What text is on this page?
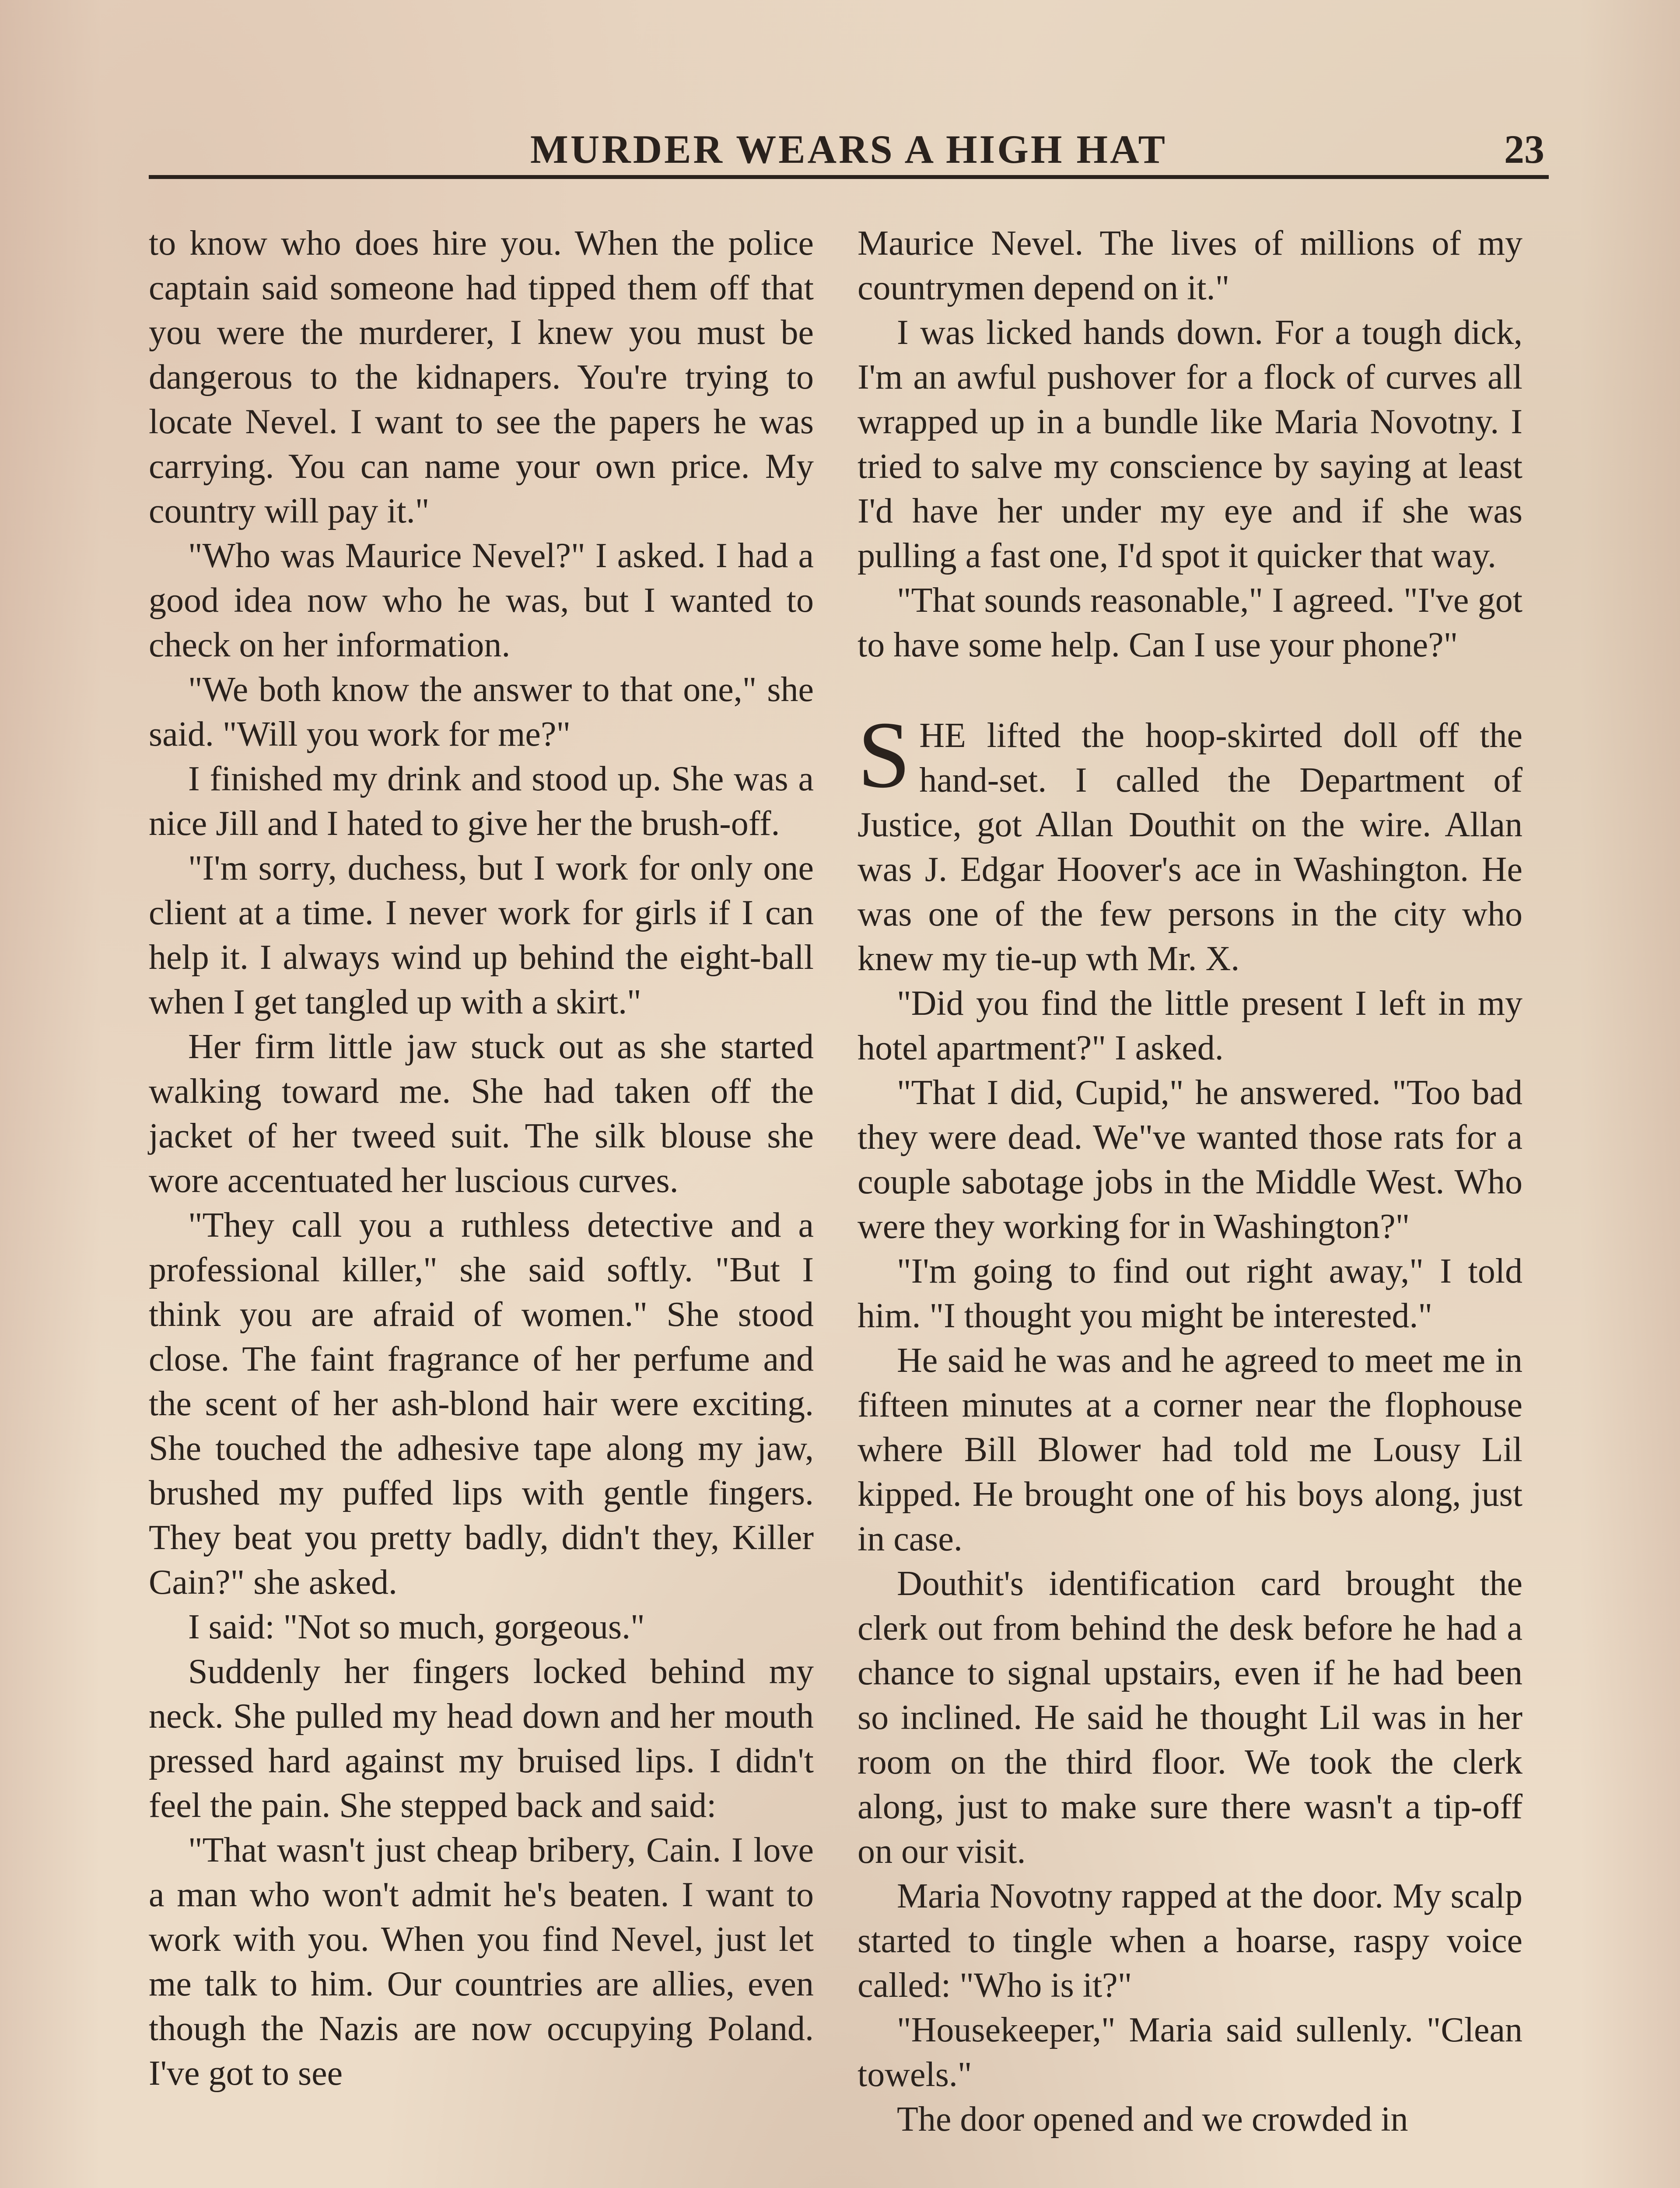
MURDER WEARS A HIGH HAT	23

to know who does hire you. When the police captain said someone had tipped them off that you were the murderer, I knew you must be dangerous to the kidnapers. You're trying to locate Nevel. I want to see the papers he was carrying. You can name your own price. My country will pay it."

"Who was Maurice Nevel?" I asked. I had a good idea now who he was, but I wanted to check on her information.

"We both know the answer to that one," she said. "Will you work for me?"

I finished my drink and stood up. She was a nice Jill and I hated to give her the brush-off.

"I'm sorry, duchess, but I work for only one client at a time. I never work for girls if I can help it. I always wind up behind the eight-ball when I get tangled up with a skirt."

Her firm little jaw stuck out as she started walking toward me. She had taken off the jacket of her tweed suit. The silk blouse she wore accentuated her luscious curves.

"They call you a ruthless detective and a professional killer," she said softly. "But I think you are afraid of women." She stood close. The faint fragrance of her perfume and the scent of her ash-blond hair were exciting. She touched the adhesive tape along my jaw, brushed my puffed lips with gentle fingers. They beat you pretty badly, didn't they, Killer Cain?" she asked.

I said: "Not so much, gorgeous."

Suddenly her fingers locked behind my neck. She pulled my head down and her mouth pressed hard against my bruised lips. I didn't feel the pain. She stepped back and said:

"That wasn't just cheap bribery, Cain. I love a man who won't admit he's beaten. I want to work with you. When you find Nevel, just let me talk to him. Our countries are allies, even though the Nazis are now occupying Poland. I've got to see

Maurice Nevel. The lives of millions of my countrymen depend on it."

I was licked hands down. For a tough dick, I'm an awful pushover for a flock of curves all wrapped up in a bundle like Maria Novotny. I tried to salve my conscience by saying at least I'd have her under my eye and if she was pulling a fast one, I'd spot it quicker that way.

"That sounds reasonable," I agreed. "I've got to have some help. Can I use your phone?"

SHE lifted the hoop-skirted doll off the hand-set. I called the Department of Justice, got Allan Douthit on the wire. Allan was J. Edgar Hoover's ace in Washington. He was one of the few persons in the city who knew my tie-up wth Mr. X.

"Did you find the little present I left in my hotel apartment?" I asked.

"That I did, Cupid," he answered. "Too bad they were dead. We"ve wanted those rats for a couple sabotage jobs in the Middle West. Who were they working for in Washington?"

"I'm going to find out right away," I told him. "I thought you might be interested."

He said he was and he agreed to meet me in fifteen minutes at a corner near the flophouse where Bill Blower had told me Lousy Lil kipped. He brought one of his boys along, just in case.

Douthit's identification card brought the clerk out from behind the desk before he had a chance to signal upstairs, even if he had been so inclined. He said he thought Lil was in her room on the third floor. We took the clerk along, just to make sure there wasn't a tip-off on our visit.

Maria Novotny rapped at the door. My scalp started to tingle when a hoarse, raspy voice called: "Who is it?"

"Housekeeper," Maria said sullenly. "Clean towels."

The door opened and we crowded in
